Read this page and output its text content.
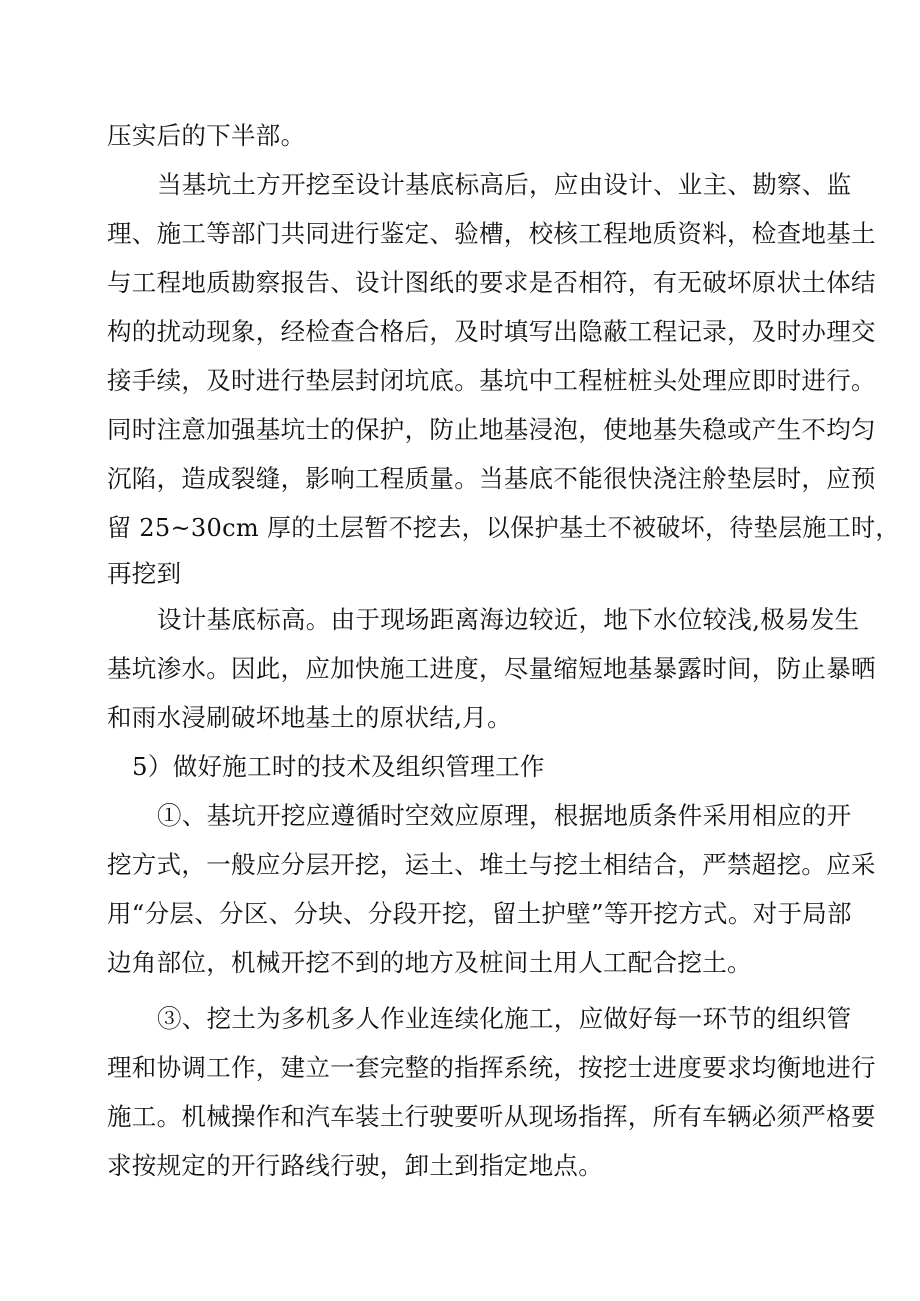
压实后的下半部。
当基坑土方开挖至设计基底标高后，应由设计、业主、勘察、监
理、施工等部门共同进行鉴定、验槽，校核工程地质资料，检查地基土
与工程地质勘察报告、设计图纸的要求是否相符，有无破坏原状土体结
构的扰动现象，经检查合格后，及时填写出隐蔽工程记录，及时办理交
接手续，及时进行垫层封闭坑底。基坑中工程桩桩头处理应即时进行。
同时注意加强基坑士的保护，防止地基浸泡，使地基失稳或产生不均匀
沉陷，造成裂缝，影响工程质量。当基底不能很快浇注舲垫层时，应预
留 25~30cm 厚的土层暂不挖去，以保护基土不被破坏，待垫层施工时，
再挖到
设计基底标高。由于现场距离海边较近，地下水位较浅,极易发生
基坑渗水。因此，应加快施工进度，尽量缩短地基暴露时间，防止暴晒
和雨水浸刷破坏地基土的原状结,月。
5）做好施工时的技术及组织管理工作
①、基坑开挖应遵循时空效应原理，根据地质条件采用相应的开
挖方式，一般应分层开挖，运土、堆土与挖土相结合，严禁超挖。应采
用“分层、分区、分块、分段开挖，留土护壁”等开挖方式。对于局部
边角部位，机械开挖不到的地方及桩间土用人工配合挖土。
③、挖土为多机多人作业连续化施工，应做好每一环节的组织管
理和协调工作，建立一套完整的指挥系统，按挖士进度要求均衡地进行
施工。机械操作和汽车装土行驶要听从现场指挥，所有车辆必须严格要
求按规定的开行路线行驶，卸土到指定地点。
